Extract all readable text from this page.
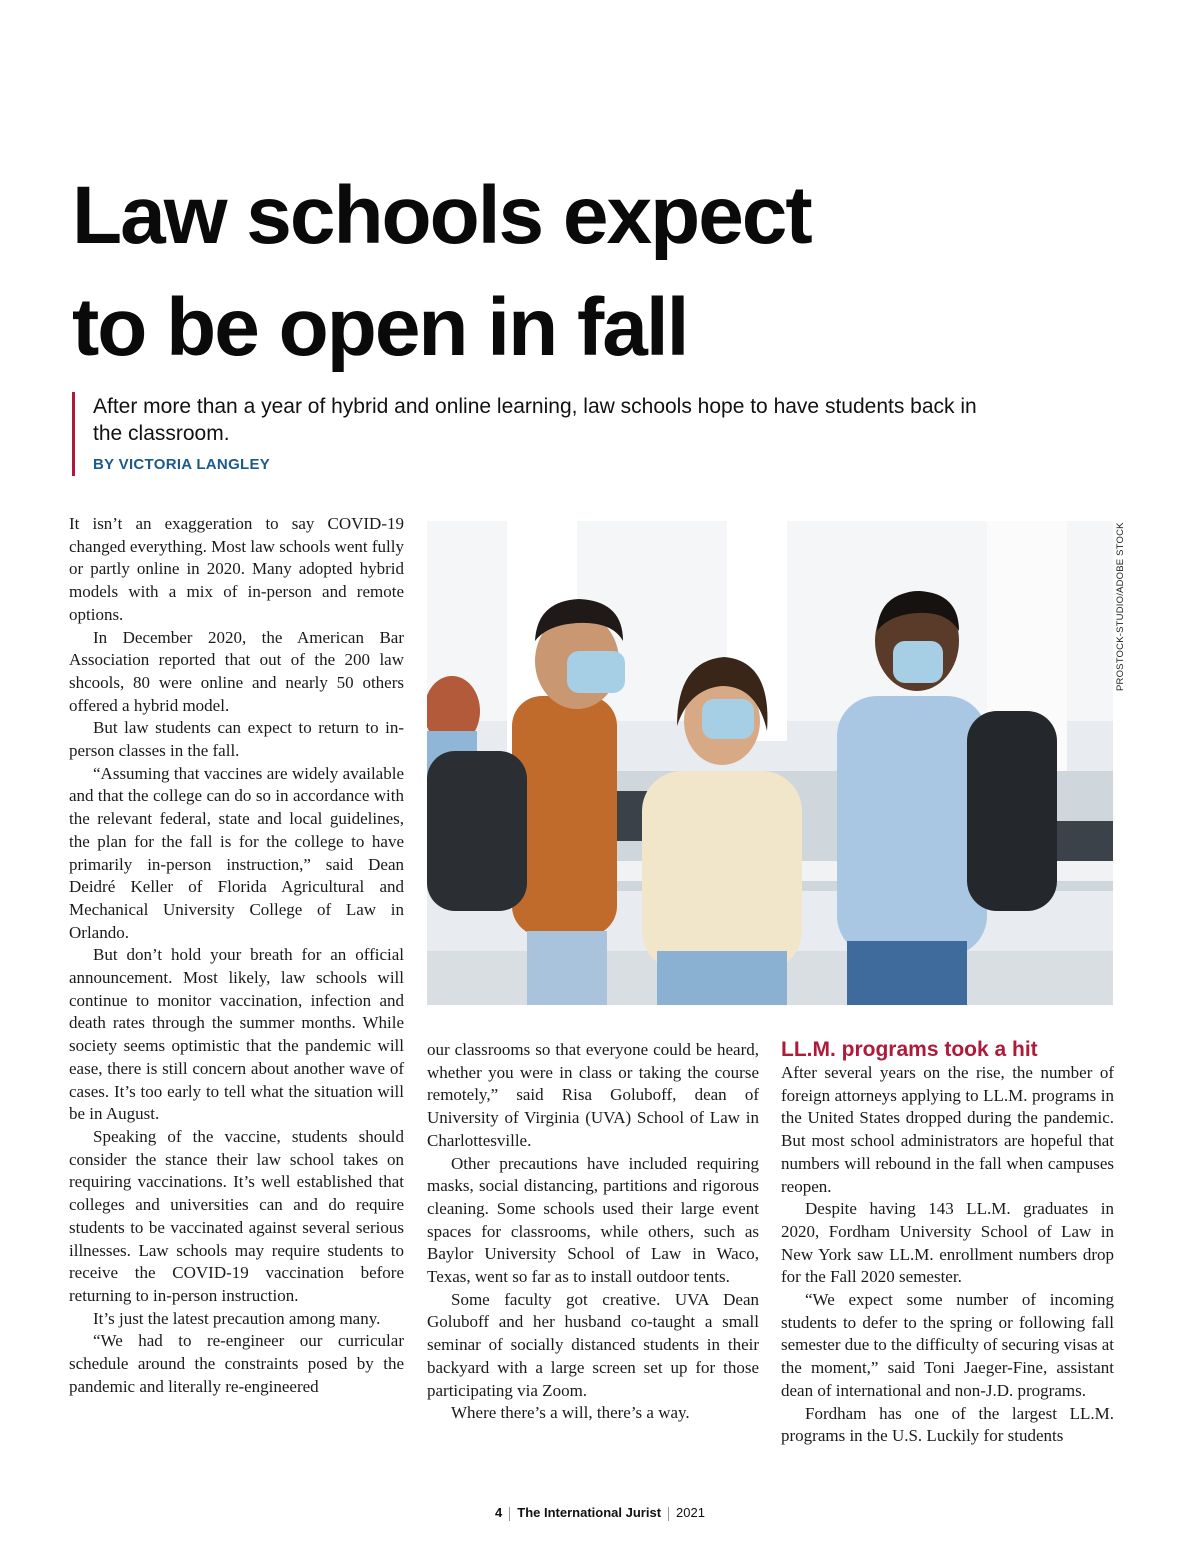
Law schools expect
to be open in fall

After more than a year of hybrid and online learning, law schools hope to have students back in the classroom.

BY VICTORIA LANGLEY

It isn’t an exaggeration to say COVID-19 changed everything. Most law schools went fully or partly online in 2020. Many adopted hybrid models with a mix of in-person and remote options.

In December 2020, the American Bar Association reported that out of the 200 law shcools, 80 were online and nearly 50 others offered a hybrid model.

But law students can expect to return to in-person classes in the fall.

“Assuming that vaccines are widely available and that the college can do so in accordance with the relevant federal, state and local guidelines, the plan for the fall is for the college to have primarily in-person instruction,” said Dean Deidré Keller of Florida Agricultural and Mechanical University College of Law in Orlando.

But don’t hold your breath for an official announcement. Most likely, law schools will continue to monitor vaccination, infection and death rates through the summer months. While society seems optimistic that the pandemic will ease, there is still concern about another wave of cases. It’s too early to tell what the situation will be in August.

Speaking of the vaccine, students should consider the stance their law school takes on requiring vaccinations. It’s well established that colleges and universities can and do require students to be vaccinated against several serious illnesses. Law schools may require students to receive the COVID-19 vaccination before returning to in-person instruction.

It’s just the latest precaution among many.

“We had to re-engineer our curricular schedule around the constraints posed by the pandemic and literally re-engineered

PROSTOCK-STUDIO/ADOBE STOCK

our classrooms so that everyone could be heard, whether you were in class or taking the course remotely,” said Risa Goluboff, dean of University of Virginia (UVA) School of Law in Charlottesville.

Other precautions have included requiring masks, social distancing, partitions and rigorous cleaning. Some schools used their large event spaces for classrooms, while others, such as Baylor University School of Law in Waco, Texas, went so far as to install outdoor tents.

Some faculty got creative. UVA Dean Goluboff and her husband co-taught a small seminar of socially distanced students in their backyard with a large screen set up for those participating via Zoom.

Where there’s a will, there’s a way.

LL.M. programs took a hit

After several years on the rise, the number of foreign attorneys applying to LL.M. programs in the United States dropped during the pandemic. But most school administrators are hopeful that numbers will rebound in the fall when campuses reopen.

Despite having 143 LL.M. graduates in 2020, Fordham University School of Law in New York saw LL.M. enrollment numbers drop for the Fall 2020 semester.

“We expect some number of incoming students to defer to the spring or following fall semester due to the difficulty of securing visas at the moment,” said Toni Jaeger-Fine, assistant dean of international and non-J.D. programs.

Fordham has one of the largest LL.M. programs in the U.S. Luckily for students

4 The International Jurist 2021
